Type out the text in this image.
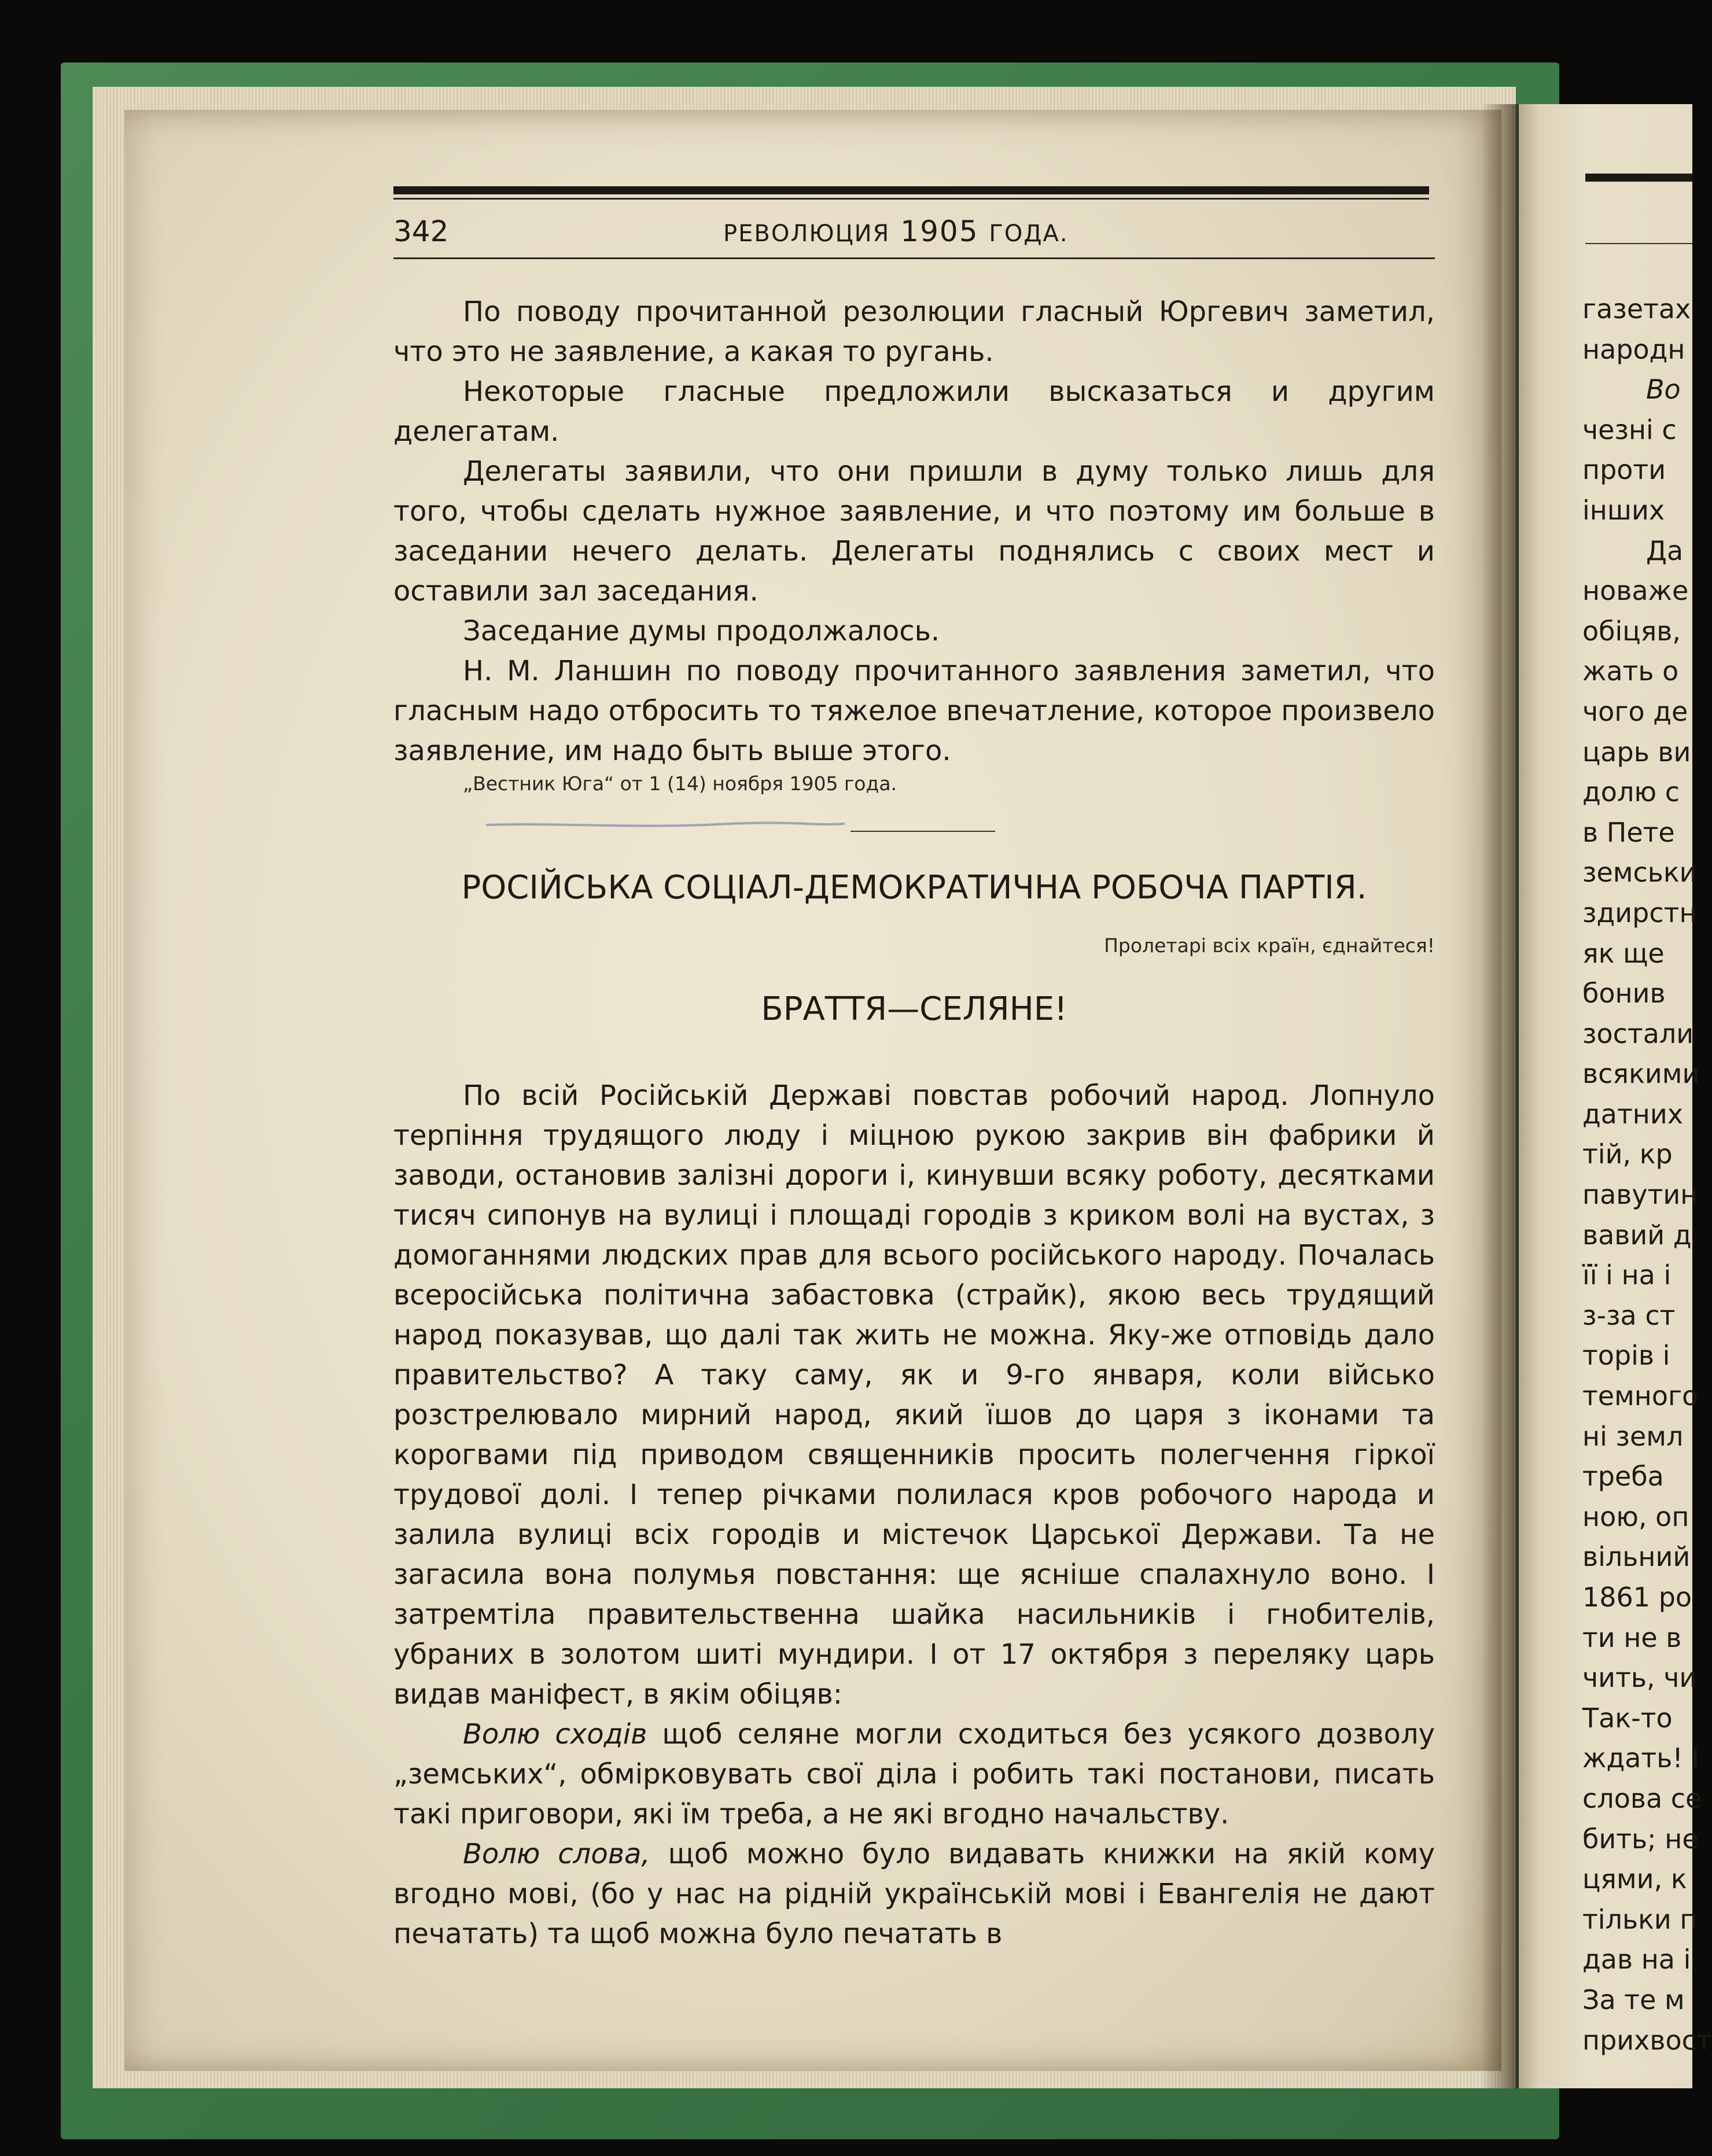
342	РЕВОЛЮЦИЯ 1905 ГОДА.

По поводу прочитанной резолюции гласный Юргевич заметил, что это не заявление, а какая то ругань.

Некоторые гласные предложили высказаться и другим делегатам.

Делегаты заявили, что они пришли в думу только лишь для того, чтобы сделать нужное заявление, и что поэтому им больше в заседании нечего делать. Делегаты поднялись с своих мест и оставили зал заседания.

Заседание думы продолжалось.

Н. М. Ланшин по поводу прочитанного заявления заметил, что гласным надо отбросить то тяжелое впечатление, которое произвело заявление, им надо быть выше этого.

„Вестник Юга“ от 1 (14) ноября 1905 года.
РОСІЙСЬКА СОЦІАЛ-ДЕМОКРАТИЧНА РОБОЧА ПАРТІЯ.
Пролетарі всіх країн, єднайтеся!
БРАТТЯ—СЕЛЯНЕ!

По всій Російській Державі повстав робочий народ. Лопнуло терпіння трудящого люду і міцною рукою закрив він фабрики й заводи, остановив залізні дороги і, кинувши всяку роботу, десятками тисяч сипонув на вулиці і площаді городів з криком волі на вустах, з домоганнями людских прав для всього російського народу. Почалась всеросійська політична забастовка (страйк), якою весь трудящий народ показував, що далі так жить не можна. Яку-же отповідь дало правительство? А таку саму, як и 9-го января, коли військо розстрелювало мирний народ, який їшов до царя з іконами та корогвами під приводом священників просить полегчення гіркої трудової долі. І тепер річками полилася кров робочого народа и залила вулиці всіх городів и містечок Царської Держави. Та не загасила вона полумья повстання: ще ясніше спалахнуло воно. І затремтіла правительственна шайка насильників і гнобителів, убраних в золотом шиті мундири. І от 17 октября з переляку царь видав маніфест, в якім обіцяв:

Волю сходів щоб селяне могли сходиться без усякого дозволу „земських“, обмірковувать свої діла і робить такі постанови, писать такі приговори, які їм треба, а не які вгодно начальству.

Волю слова, щоб можно було видавать книжки на якій кому вгодно мові, (бо у нас на рідній українській мові і Евангелія не дают печатать) та щоб можна було печатать в

газетах
народн
Во
чезні с
проти
інших
Да
новаже
обіцяв,
жать о
чого де
царь ви
долю с
в Пете
земськи
здирстн
як ще
бонив
зостали
всякими
датних
тій, кр
павутин
вавий д
її і на і
з-за ст
торів і
темного
ні земл
треба
ною, оп
вільний
1861 ро
ти не в
чить, чи
Так-то
ждать! І
слова се
бить; не
цями, к
тільки п
дав на і
За те м
прихвост
